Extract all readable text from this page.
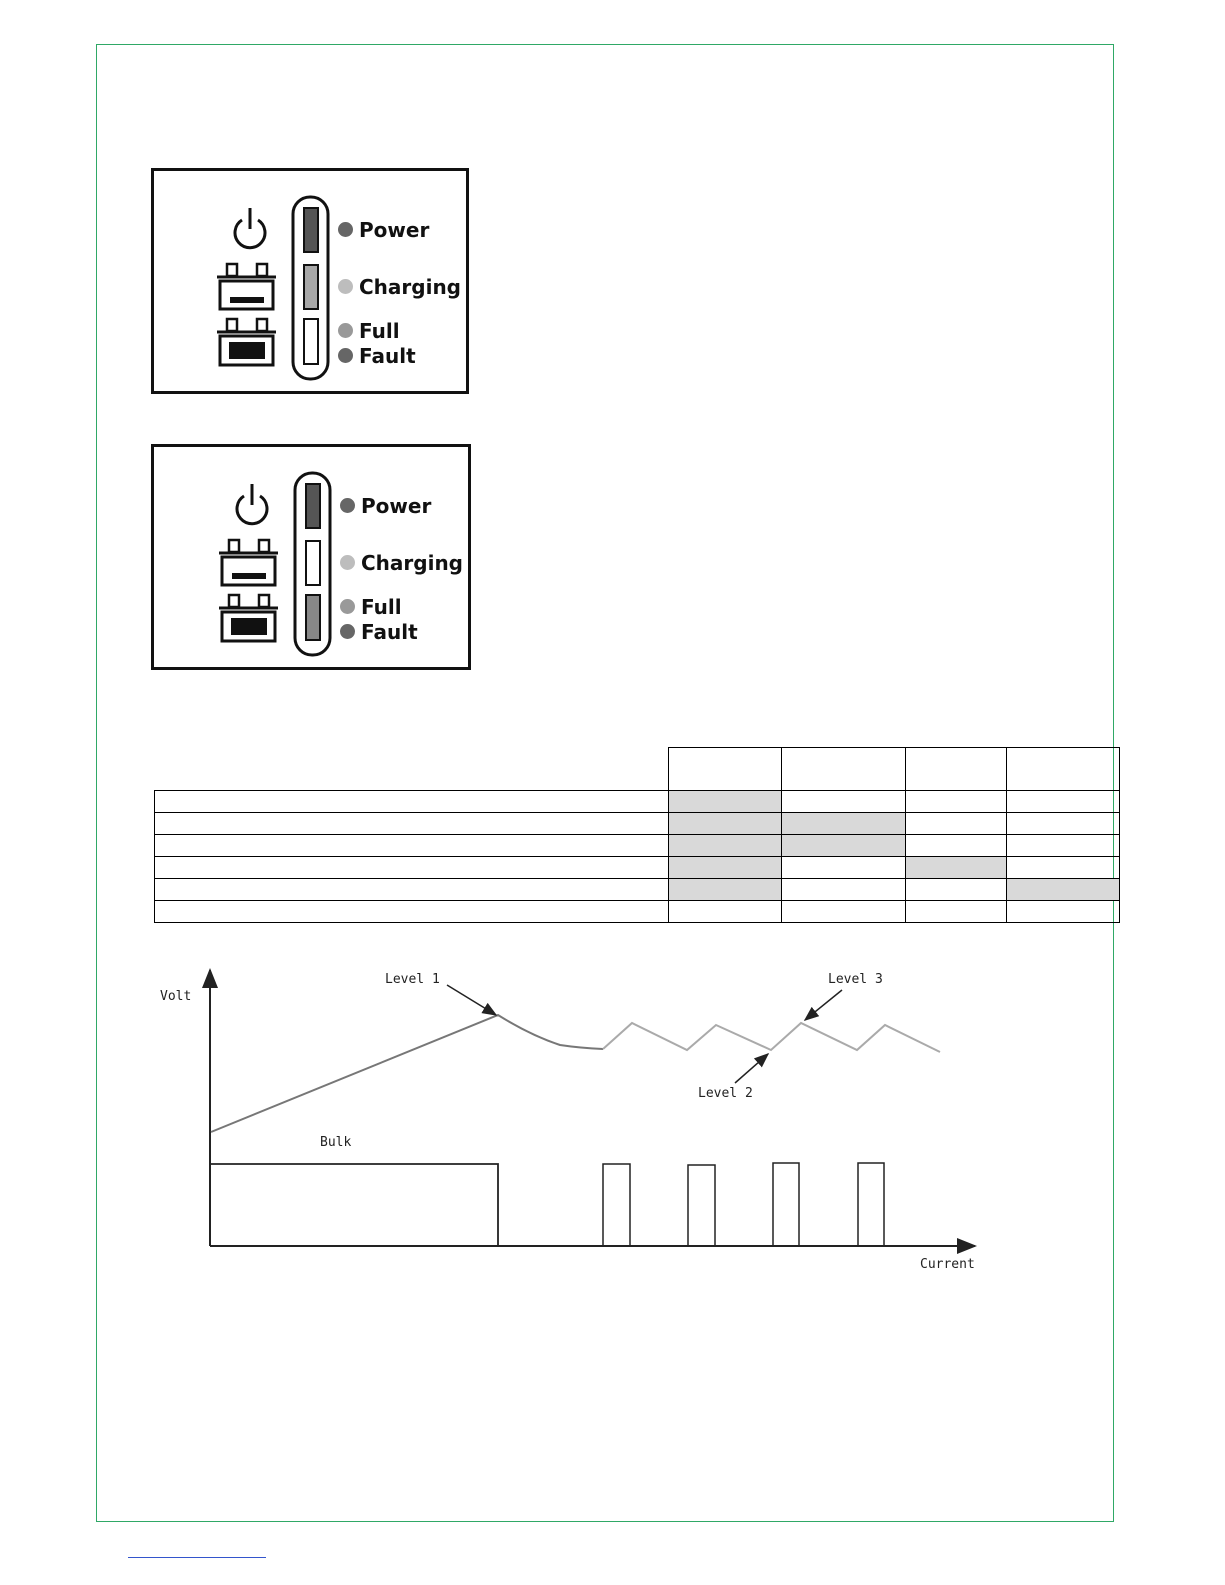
Power
Charging
Full
Fault
Power
Charging
Full
Fault

Volt
Current
Level 1	Level 3
Level 2
Bulk
